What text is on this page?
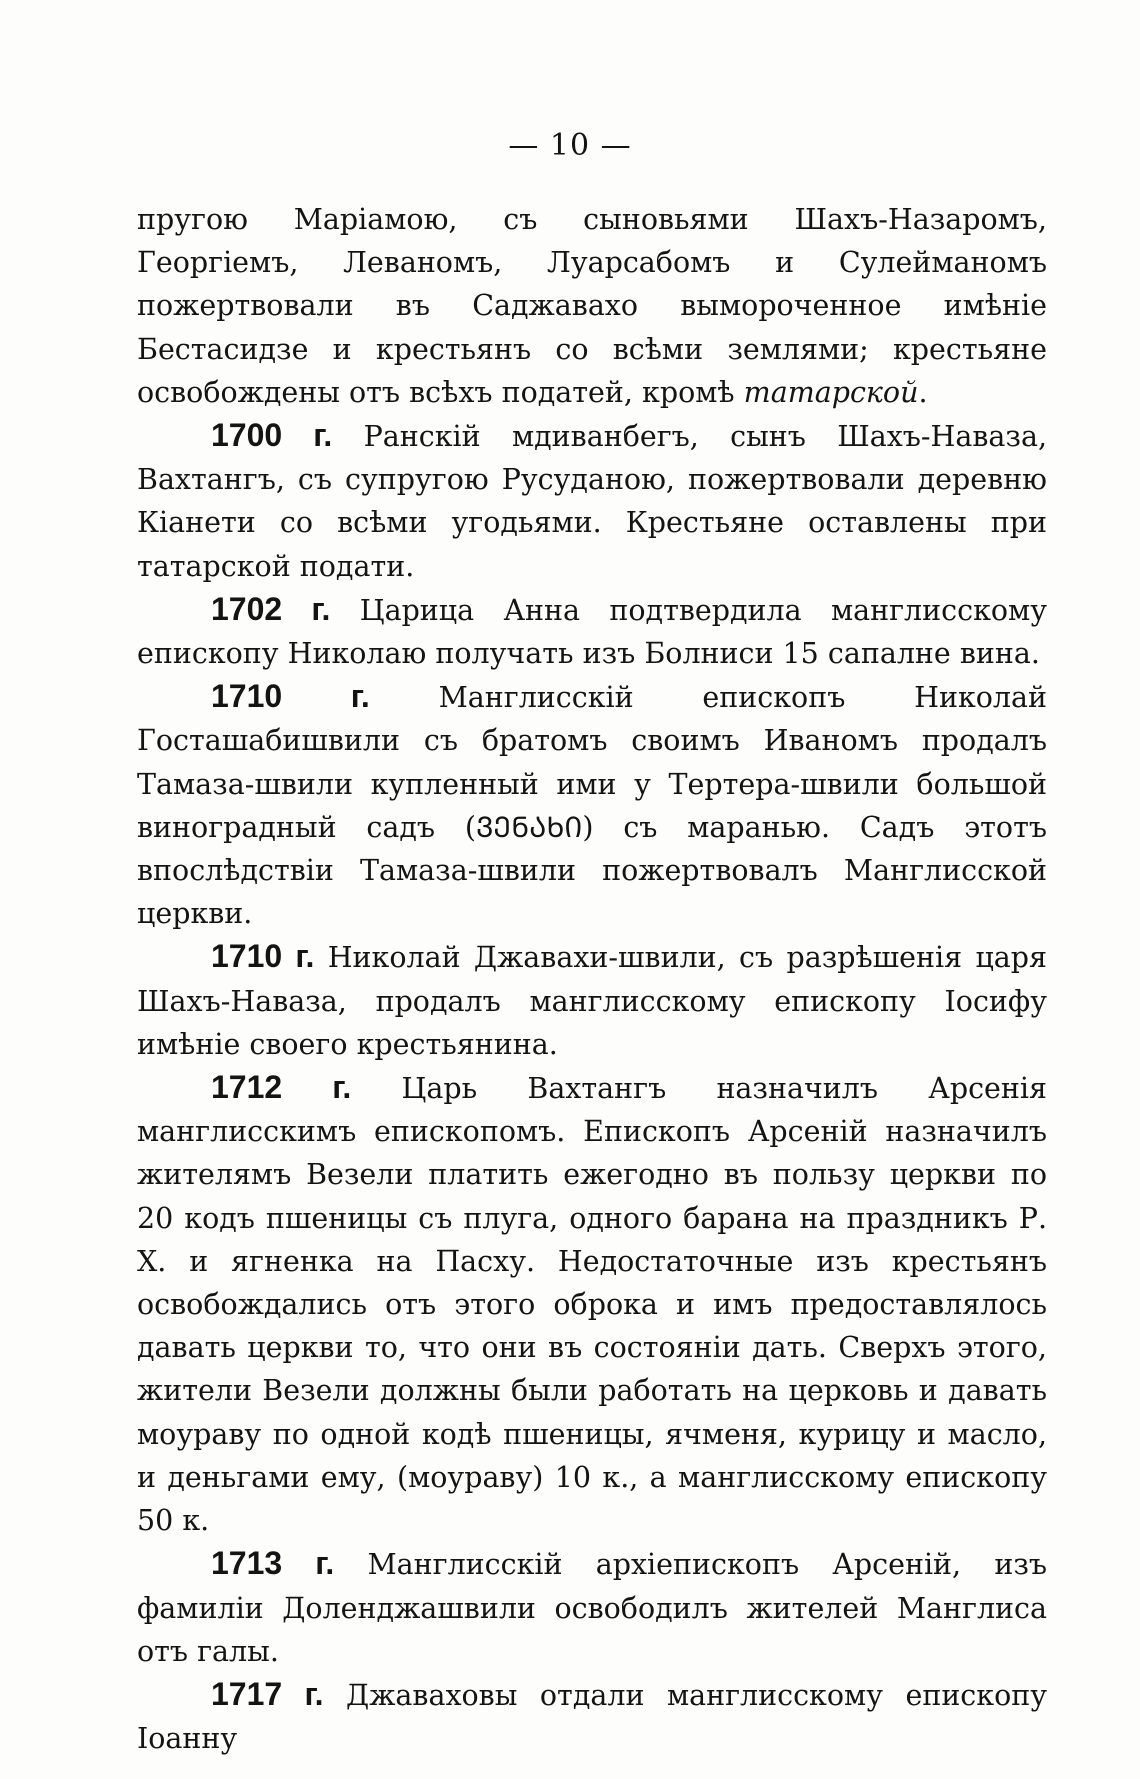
— 10 —

пругою Маріамою, съ сыновьями Шахъ-Назаромъ, Георгіемъ, Леваномъ, Луарсабомъ и Сулейманомъ пожертвовали въ Саджавахо вымороченное имѣніе Бестасидзе и крестьянъ со всѣми землями; крестьяне освобождены отъ всѣхъ податей, кромѣ татарской.

1700 г. Ранскій мдиванбегъ, сынъ Шахъ-Наваза, Вахтангъ, съ супругою Русуданою, пожертвовали деревню Кіанети со всѣми угодьями. Крестьяне оставлены при татарской подати.

1702 г. Царица Анна подтвердила манглисскому епископу Николаю получать изъ Болниси 15 сапалне вина.

1710 г. Манглисскій епископъ Николай Госташабишвили съ братомъ своимъ Иваномъ продалъ Тамаза-швили купленный ими у Тертера-швили большой виноградный садъ (ᲕᲔᲜᲐᲮᲘ) съ маранью. Садъ этотъ впослѣдствіи Тамаза-швили пожертвовалъ Манглисской церкви.

1710 г. Николай Джавахи-швили, съ разрѣшенія царя Шахъ-Наваза, продалъ манглисскому епископу Іосифу имѣніе своего крестьянина.

1712 г. Царь Вахтангъ назначилъ Арсенія манглисскимъ епископомъ. Епископъ Арсеній назначилъ жителямъ Везели платить ежегодно въ пользу церкви по 20 кодъ пшеницы съ плуга, одного барана на праздникъ Р. Х. и ягненка на Пасху. Недостаточные изъ крестьянъ освобождались отъ этого оброка и имъ предоставлялось давать церкви то, что они въ состояніи дать. Сверхъ этого, жители Везели должны были работать на церковь и давать моураву по одной кодѣ пшеницы, ячменя, курицу и масло, и деньгами ему, (моураву) 10 к., а манглисскому епископу 50 к.

1713 г. Манглисскій архіепископъ Арсеній, изъ фамиліи Доленджашвили освободилъ жителей Манглиса отъ галы.

1717 г. Джаваховы отдали манглисскому епископу Іоанну
